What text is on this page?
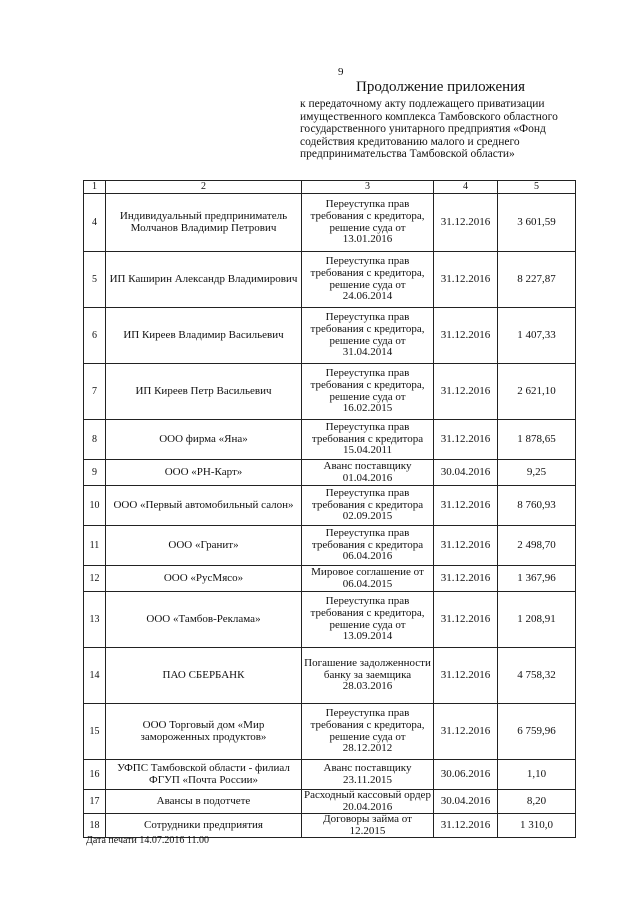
9
Продолжение приложения
к передаточному акту подлежащего приватизации
имущественного комплекса Тамбовского областного
государственного унитарного предприятия «Фонд
содействия кредитованию малого и среднего
предпринимательства Тамбовской области»
1	2	3	4	5
4	Индивидуальный предприниматель Молчанов Владимир Петрович	Переуступка прав требования с кредитора, решение суда от 13.01.2016	31.12.2016	3 601,59
5	ИП Каширин Александр Владимирович	Переуступка прав требования с кредитора, решение суда от 24.06.2014	31.12.2016	8 227,87
6	ИП Киреев Владимир Васильевич	Переуступка прав требования с кредитора, решение суда от 31.04.2014	31.12.2016	1 407,33
7	ИП Киреев Петр Васильевич	Переуступка прав требования с кредитора, решение суда от 16.02.2015	31.12.2016	2 621,10
8	ООО фирма «Яна»	Переуступка прав требования с кредитора 15.04.2011	31.12.2016	1 878,65
9	ООО «РН-Карт»	Аванс поставщику 01.04.2016	30.04.2016	9,25
10	ООО «Первый автомобильный салон»	Переуступка прав требования с кредитора 02.09.2015	31.12.2016	8 760,93
11	ООО «Гранит»	Переуступка прав требования с кредитора 06.04.2016	31.12.2016	2 498,70
12	ООО «РусМясо»	Мировое соглашение от 06.04.2015	31.12.2016	1 367,96
13	ООО «Тамбов-Реклама»	Переуступка прав требования с кредитора, решение суда от 13.09.2014	31.12.2016	1 208,91
14	ПАО СБЕРБАНК	Погашение задолженности банку за заемщика 28.03.2016	31.12.2016	4 758,32
15	ООО Торговый дом «Мир замороженных продуктов»	Переуступка прав требования с кредитора, решение суда от 28.12.2012	31.12.2016	6 759,96
16	УФПС Тамбовской области - филиал ФГУП «Почта России»	Аванс поставщику 23.11.2015	30.06.2016	1,10
17	Авансы в подотчете	Расходный кассовый ордер 20.04.2016	30.04.2016	8,20
18	Сотрудники предприятия	Договоры займа от 12.2015	31.12.2016	1 310,0
Дата печати 14.07.2016 11.00
